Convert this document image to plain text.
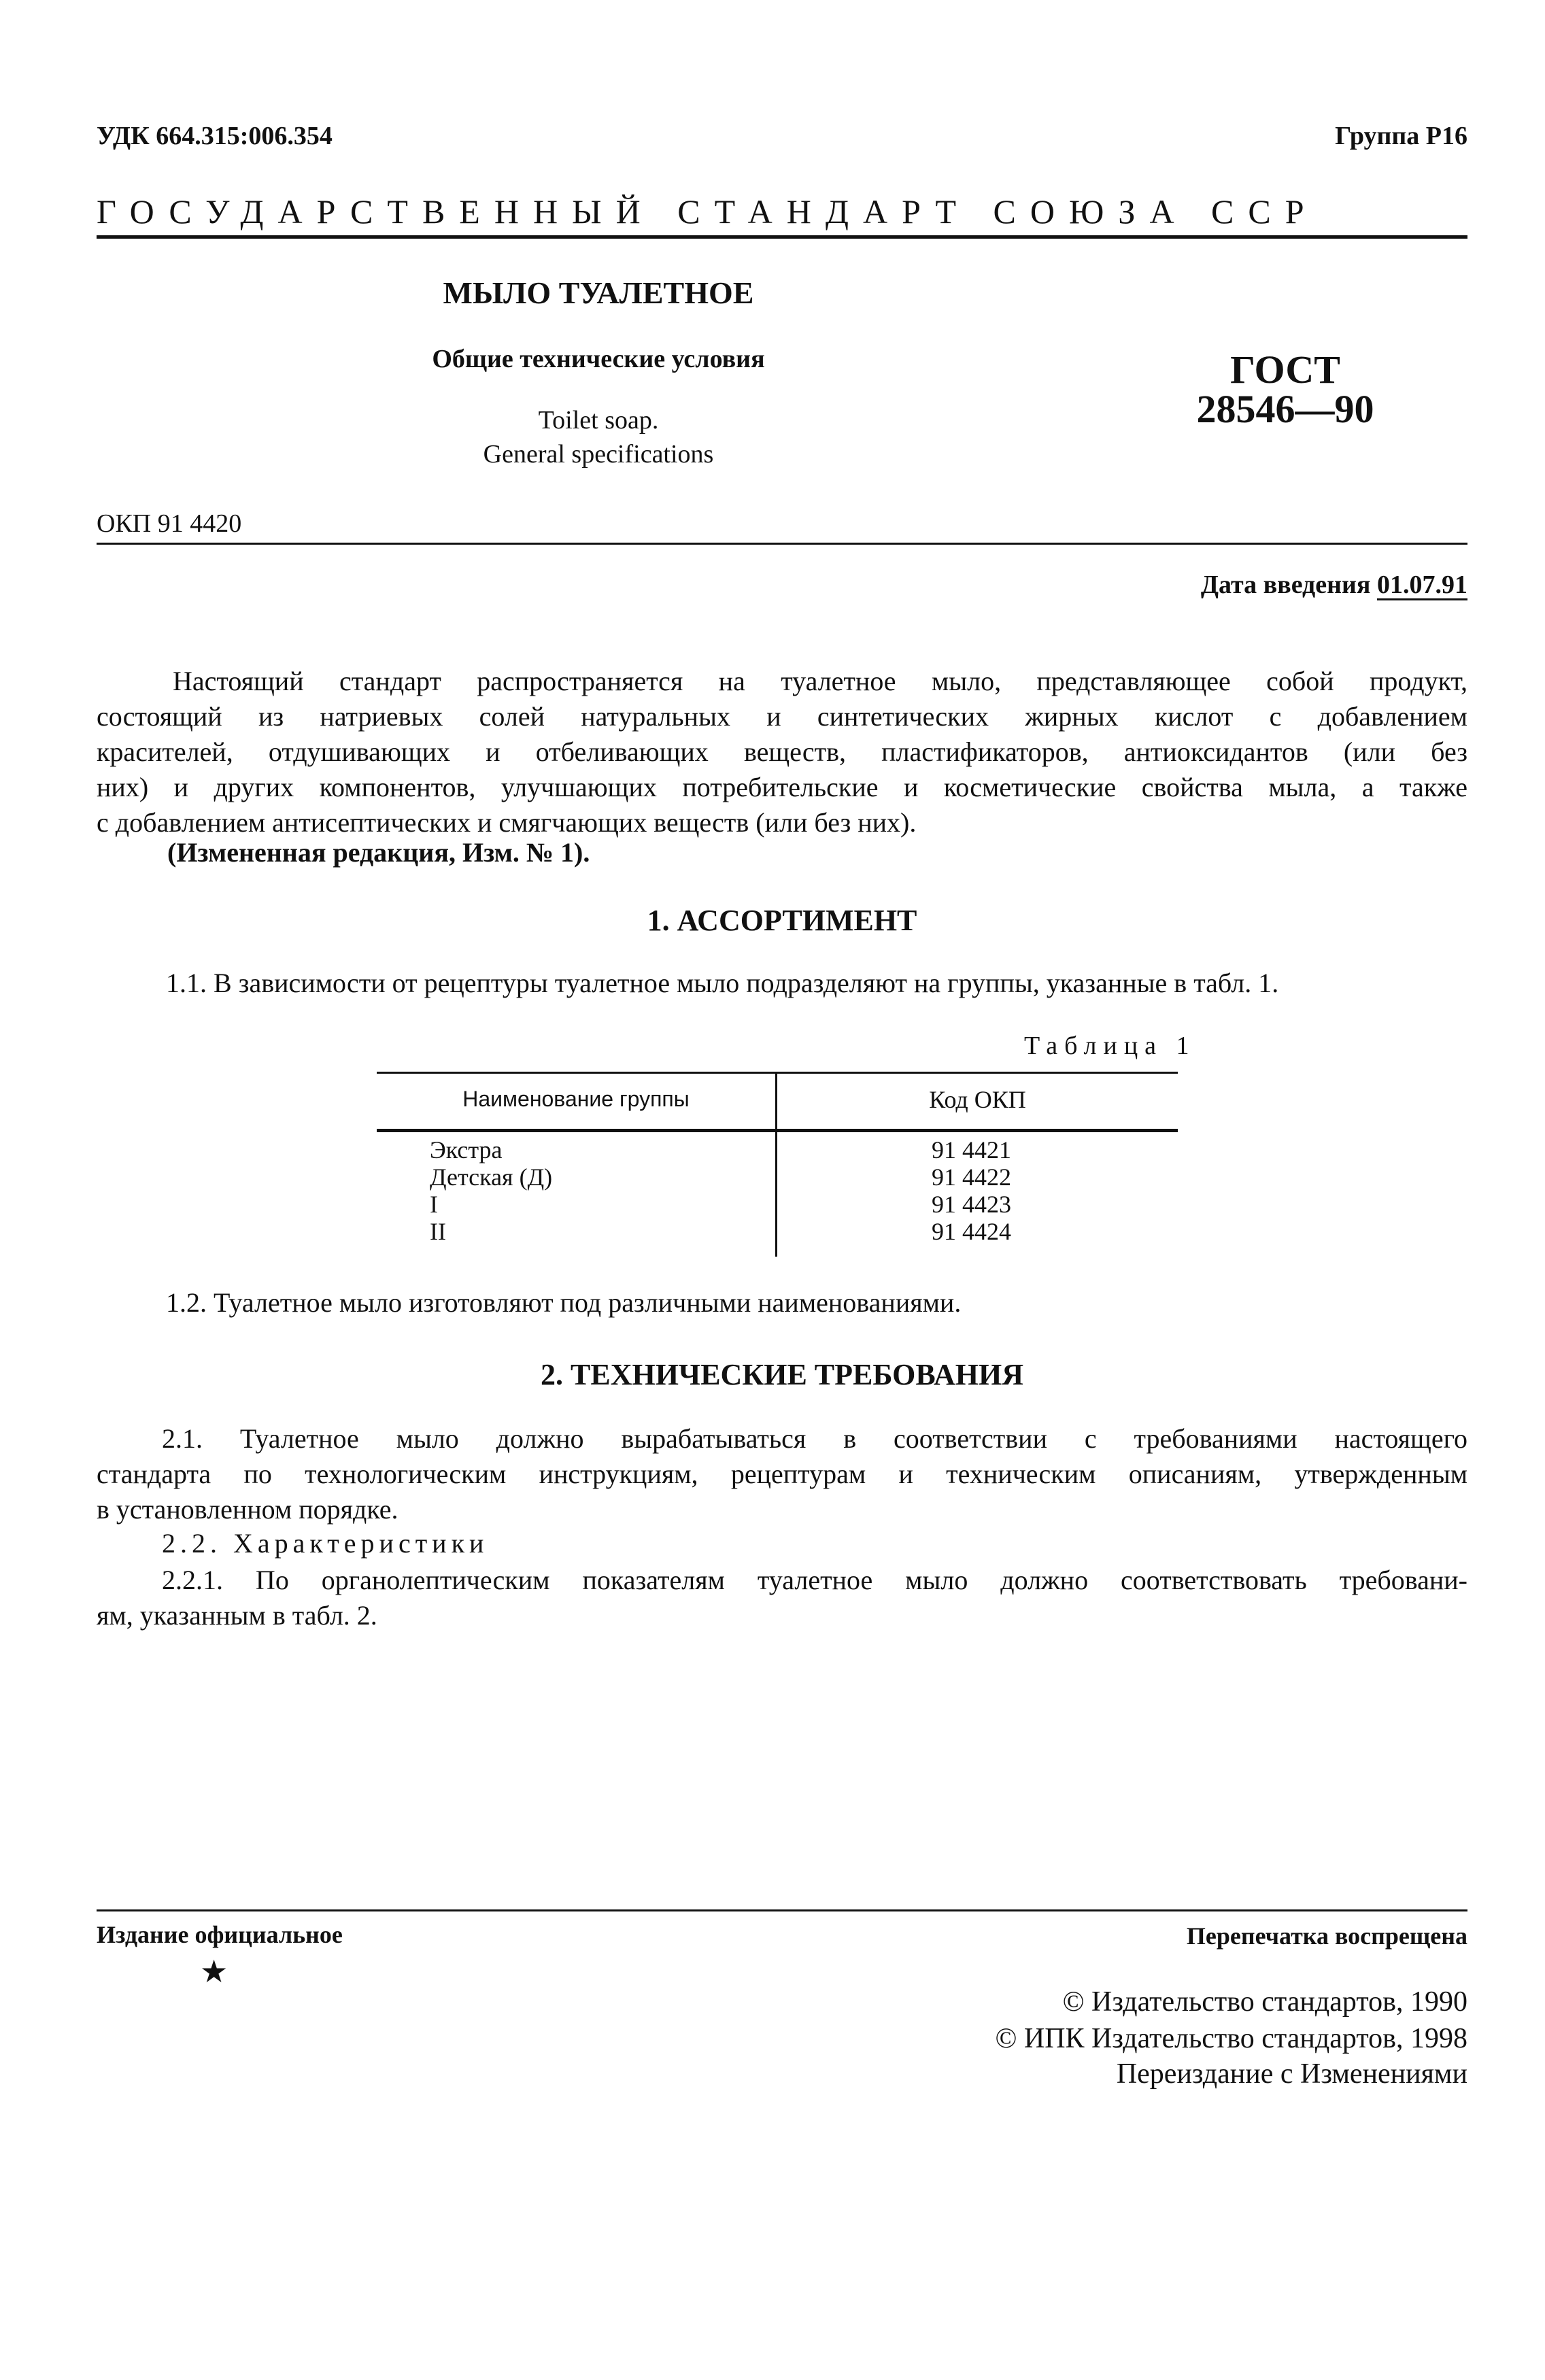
УДК 664.315:006.354	Группа Р16
ГОСУДАРСТВЕННЫЙ СТАНДАРТ СОЮЗА ССР
МЫЛО ТУАЛЕТНОЕ
Общие технические условия
Toilet soap.
General specifications
ГОСТ
28546—90
ОКП 91 4420
Дата введения 01.07.91
Настоящий стандарт распространяется на туалетное мыло, представляющее собой продукт,
состоящий из натриевых солей натуральных и синтетических жирных кислот с добавлением
красителей, отдушивающих и отбеливающих веществ, пластификаторов, антиоксидантов (или без
них) и других компонентов, улучшающих потребительские и косметические свойства мыла, а также
с добавлением антисептических и смягчающих веществ (или без них).
(Измененная редакция, Изм. № 1).
1. АССОРТИМЕНТ
1.1. В зависимости от рецептуры туалетное мыло подразделяют на группы, указанные в табл. 1.
Таблица 1
Наименование группы	Код ОКП
Экстра	91 4421
Детская (Д)	91 4422
I	91 4423
II	91 4424
1.2. Туалетное мыло изготовляют под различными наименованиями.
2. ТЕХНИЧЕСКИЕ ТРЕБОВАНИЯ
2.1. Туалетное мыло должно вырабатываться в соответствии с требованиями настоящего
стандарта по технологическим инструкциям, рецептурам и техническим описаниям, утвержденным
в установленном порядке.
2.2. Характеристики
2.2.1. По органолептическим показателям туалетное мыло должно соответствовать требовани-
ям, указанным в табл. 2.
Издание официальное
★
Перепечатка воспрещена
© Издательство стандартов, 1990
© ИПК Издательство стандартов, 1998
Переиздание с Изменениями
